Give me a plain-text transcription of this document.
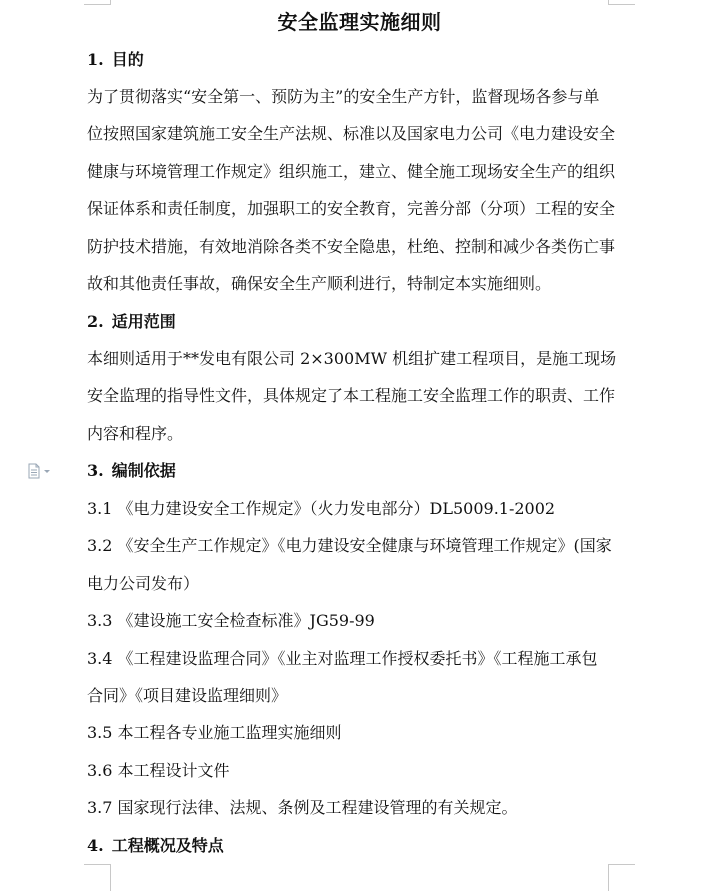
安全监理实施细则
1. 目的
为了贯彻落实“安全第一、预防为主”的安全生产方针，监督现场各参与单
位按照国家建筑施工安全生产法规、标准以及国家电力公司《电力建设安全
健康与环境管理工作规定》组织施工，建立、健全施工现场安全生产的组织
保证体系和责任制度，加强职工的安全教育，完善分部（分项）工程的安全
防护技术措施，有效地消除各类不安全隐患，杜绝、控制和减少各类伤亡事
故和其他责任事故，确保安全生产顺利进行，特制定本实施细则。
2. 适用范围
本细则适用于**发电有限公司 2×300MW 机组扩建工程项目，是施工现场
安全监理的指导性文件，具体规定了本工程施工安全监理工作的职责、工作
内容和程序。
3. 编制依据
3.1 《电力建设安全工作规定》（火力发电部分）DL5009.1-2002
3.2 《安全生产工作规定》《电力建设安全健康与环境管理工作规定》(国家
电力公司发布）
3.3 《建设施工安全检查标准》JG59-99
3.4 《工程建设监理合同》《业主对监理工作授权委托书》《工程施工承包
合同》《项目建设监理细则》
3.5 本工程各专业施工监理实施细则
3.6 本工程设计文件
3.7 国家现行法律、法规、条例及工程建设管理的有关规定。
4. 工程概况及特点
